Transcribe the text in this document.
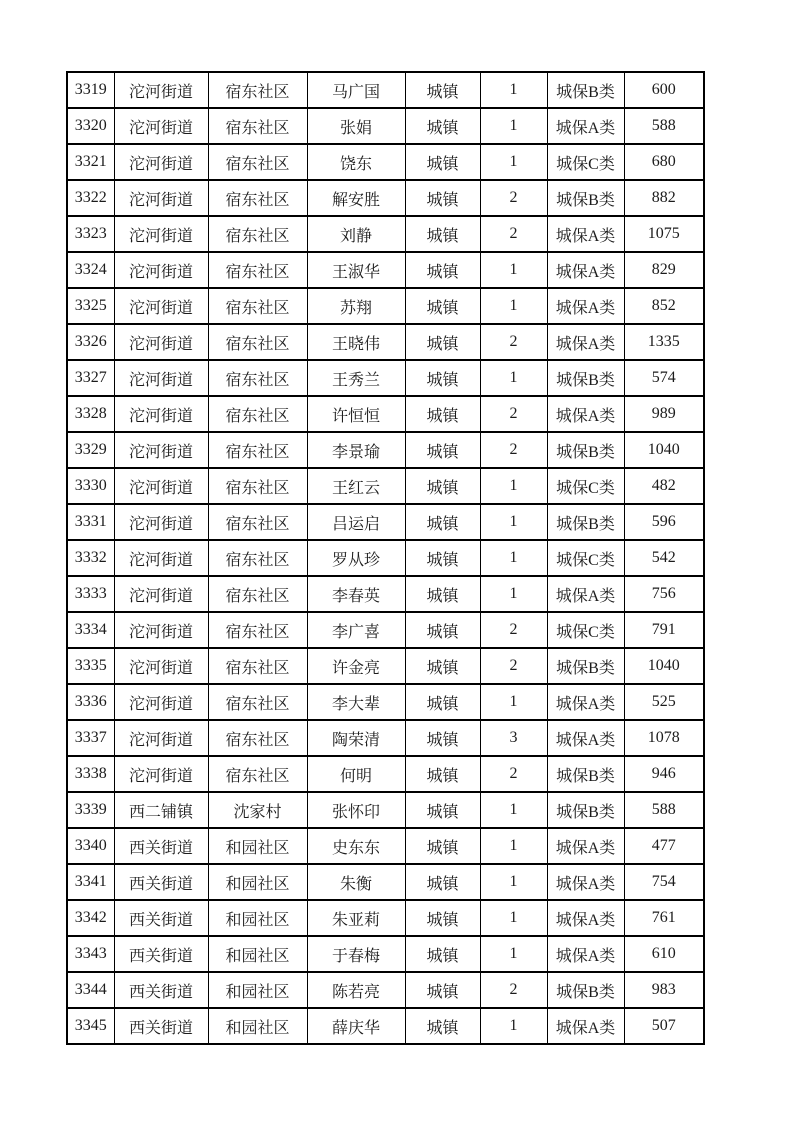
3319	沱河街道	宿东社区	马广国	城镇	1	城保B类	600
3320	沱河街道	宿东社区	张娟	城镇	1	城保A类	588
3321	沱河街道	宿东社区	饶东	城镇	1	城保C类	680
3322	沱河街道	宿东社区	解安胜	城镇	2	城保B类	882
3323	沱河街道	宿东社区	刘静	城镇	2	城保A类	1075
3324	沱河街道	宿东社区	王淑华	城镇	1	城保A类	829
3325	沱河街道	宿东社区	苏翔	城镇	1	城保A类	852
3326	沱河街道	宿东社区	王晓伟	城镇	2	城保A类	1335
3327	沱河街道	宿东社区	王秀兰	城镇	1	城保B类	574
3328	沱河街道	宿东社区	许恒恒	城镇	2	城保A类	989
3329	沱河街道	宿东社区	李景瑜	城镇	2	城保B类	1040
3330	沱河街道	宿东社区	王红云	城镇	1	城保C类	482
3331	沱河街道	宿东社区	吕运启	城镇	1	城保B类	596
3332	沱河街道	宿东社区	罗从珍	城镇	1	城保C类	542
3333	沱河街道	宿东社区	李春英	城镇	1	城保A类	756
3334	沱河街道	宿东社区	李广喜	城镇	2	城保C类	791
3335	沱河街道	宿东社区	许金亮	城镇	2	城保B类	1040
3336	沱河街道	宿东社区	李大辈	城镇	1	城保A类	525
3337	沱河街道	宿东社区	陶荣清	城镇	3	城保A类	1078
3338	沱河街道	宿东社区	何明	城镇	2	城保B类	946
3339	西二铺镇	沈家村	张怀印	城镇	1	城保B类	588
3340	西关街道	和园社区	史东东	城镇	1	城保A类	477
3341	西关街道	和园社区	朱衡	城镇	1	城保A类	754
3342	西关街道	和园社区	朱亚莉	城镇	1	城保A类	761
3343	西关街道	和园社区	于春梅	城镇	1	城保A类	610
3344	西关街道	和园社区	陈若亮	城镇	2	城保B类	983
3345	西关街道	和园社区	薛庆华	城镇	1	城保A类	507
